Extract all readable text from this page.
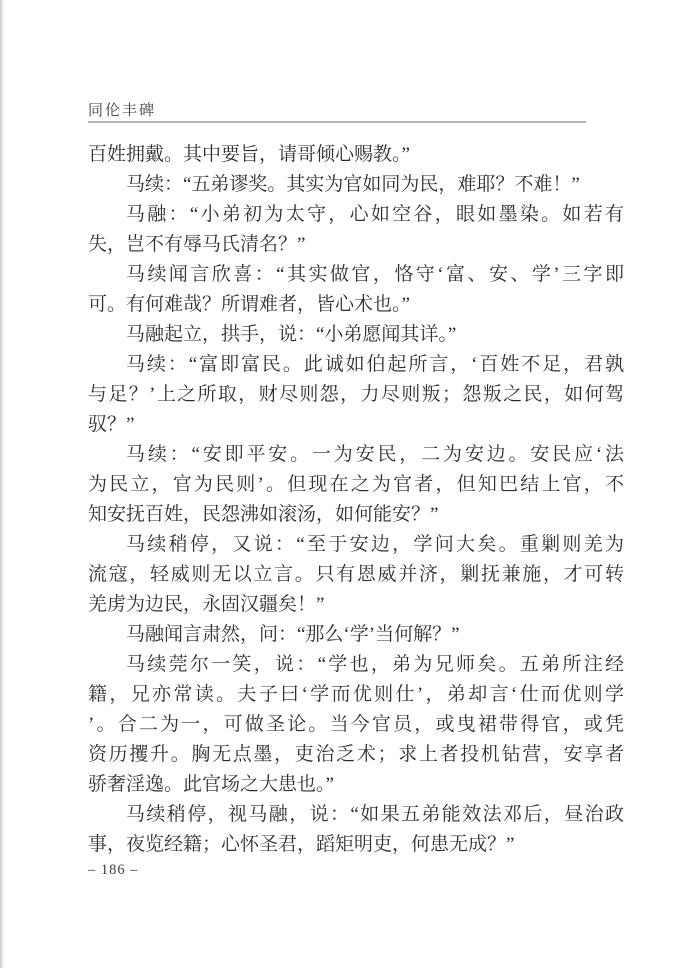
同伦丰碑
百姓拥戴。其中要旨，请哥倾心赐教。”
马续：“五弟谬奖。其实为官如同为民，难耶？不难！”
马融：“小弟初为太守，心如空谷，眼如墨染。如若有
失，岂不有辱马氏清名？”
马续闻言欣喜：“其实做官，恪守‘富、安、学’三字即
可。有何难哉？所谓难者，皆心术也。”
马融起立，拱手，说：“小弟愿闻其详。”
马续：“富即富民。此诚如伯起所言，‘百姓不足，君孰
与足？’上之所取，财尽则怨，力尽则叛；怨叛之民，如何驾
驭？”
马续：“安即平安。一为安民，二为安边。安民应‘法
为民立，官为民则’。但现在之为官者，但知巴结上官，不
知安抚百姓，民怨沸如滚汤，如何能安？”
马续稍停，又说：“至于安边，学问大矣。重剿则羌为
流寇，轻威则无以立言。只有恩威并济，剿抚兼施，才可转
羌虏为边民，永固汉疆矣！”
马融闻言肃然，问：“那么‘学’当何解？”
马续莞尔一笑，说：“学也，弟为兄师矣。五弟所注经
籍，兄亦常读。夫子曰‘学而优则仕’，弟却言‘仕而优则学
’。合二为一，可做圣论。当今官员，或曳裙带得官，或凭
资历攫升。胸无点墨，吏治乏术；求上者投机钻营，安享者
骄奢淫逸。此官场之大患也。”
马续稍停，视马融，说：“如果五弟能效法邓后，昼治政
事，夜览经籍；心怀圣君，蹈矩明吏，何患无成？”
– 186 –
